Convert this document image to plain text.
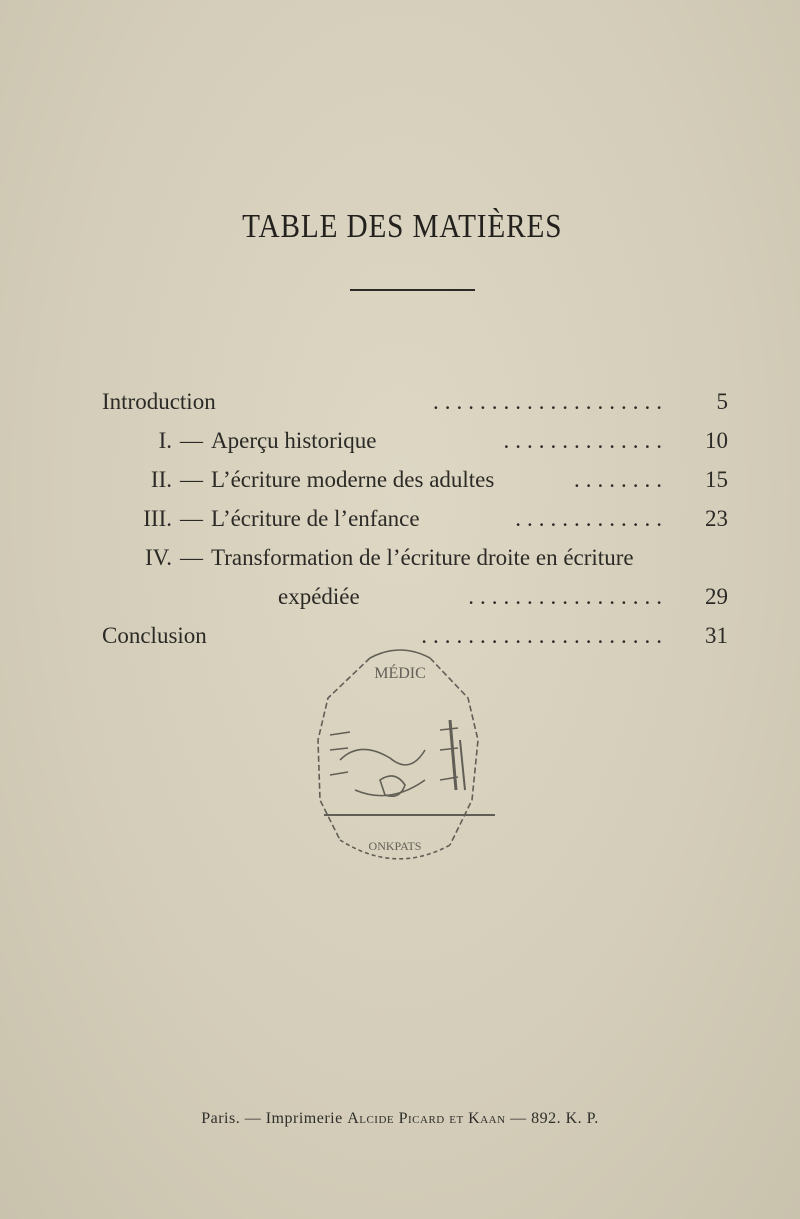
TABLE DES MATIÈRES
Introduction	....................	5
I. — Aperçu historique	..............	10
II. — L’écriture moderne des adultes	........	15
III. — L’écriture de l’enfance	.............	23
IV. — Transformation de l’écriture droite en écriture
expédiée	.................	29
Conclusion	.....................	31
MÉDIC
ONKPATS
Paris. — Imprimerie Alcide Picard et Kaan — 892. K. P.
